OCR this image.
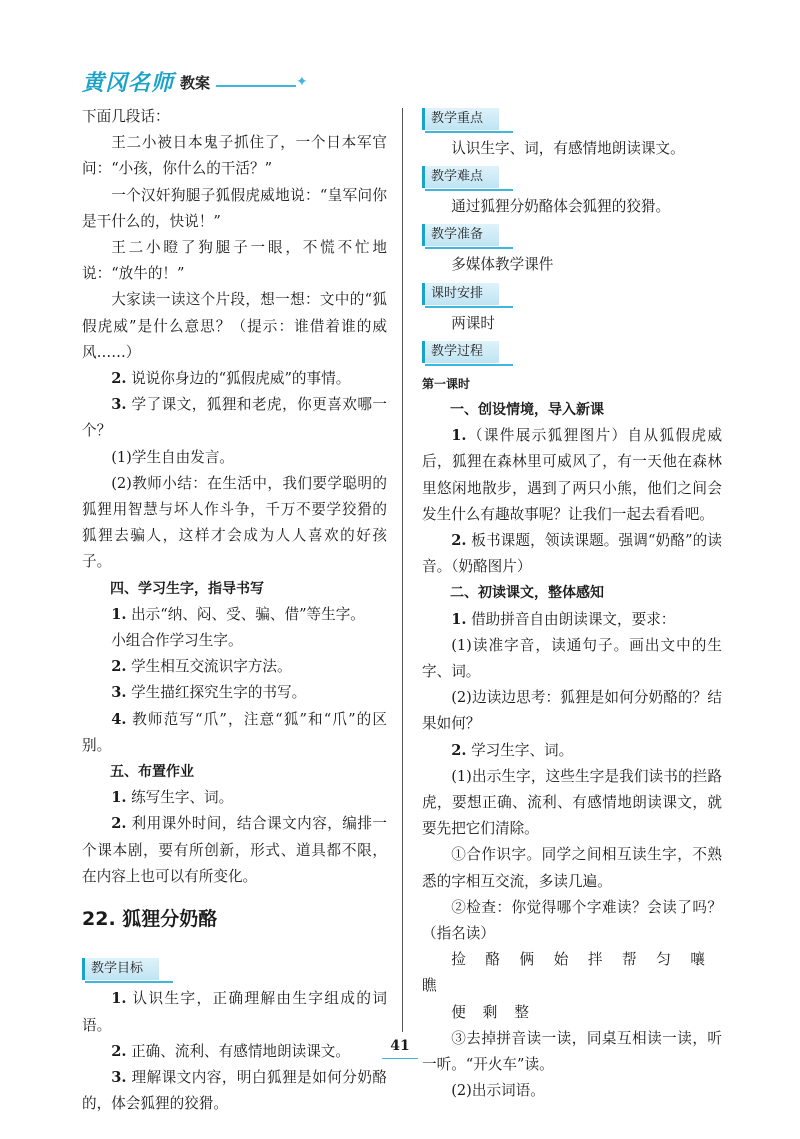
黄冈名师 教案	✦

下面几段话：

王二小被日本鬼子抓住了，一个日本军官问：“小孩，你什么的干活？”

一个汉奸狗腿子狐假虎威地说：“皇军问你是干什么的，快说！”

王二小瞪了狗腿子一眼，不慌不忙地说：“放牛的！”

大家读一读这个片段，想一想：文中的“狐假虎威”是什么意思？（提示：谁借着谁的威风……）

2. 说说你身边的“狐假虎威”的事情。

3. 学了课文，狐狸和老虎，你更喜欢哪一个？

(1)学生自由发言。

(2)教师小结：在生活中，我们要学聪明的狐狸用智慧与坏人作斗争，千万不要学狡猾的狐狸去骗人，这样才会成为人人喜欢的好孩子。

四、学习生字，指导书写

1. 出示“纳、闷、受、骗、借”等生字。

小组合作学习生字。

2. 学生相互交流识字方法。

3. 学生描红探究生字的书写。

4. 教师范写“爪”，注意“狐”和“爪”的区别。

五、布置作业

1. 练写生字、词。

2. 利用课外时间，结合课文内容，编排一个课本剧，要有所创新，形式、道具都不限，在内容上也可以有所变化。

22. 狐狸分奶酪

教学目标

1. 认识生字，正确理解由生字组成的词语。

2. 正确、流利、有感情地朗读课文。

3. 理解课文内容，明白狐狸是如何分奶酪的，体会狐狸的狡猾。

教学重点

认识生字、词，有感情地朗读课文。

教学难点

通过狐狸分奶酪体会狐狸的狡猾。

教学准备

多媒体教学课件

课时安排

两课时

教学过程

第一课时

一、创设情境，导入新课

1.（课件展示狐狸图片）自从狐假虎威后，狐狸在森林里可威风了，有一天他在森林里悠闲地散步，遇到了两只小熊，他们之间会发生什么有趣故事呢？让我们一起去看看吧。

2. 板书课题，领读课题。强调“奶酪”的读音。（奶酪图片）

二、初读课文，整体感知

1. 借助拼音自由朗读课文，要求：

(1)读准字音，读通句子。画出文中的生字、词。

(2)边读边思考：狐狸是如何分奶酪的？结果如何？

2. 学习生字、词。

(1)出示生字，这些生字是我们读书的拦路虎，要想正确、流利、有感情地朗读课文，就要先把它们清除。

①合作识字。同学之间相互读生字，不熟悉的字相互交流，多读几遍。

②检查：你觉得哪个字难读？会读了吗？（指名读）

捡酪俩始拌帮匀嚷瞧

便剩整

③去掉拼音读一读，同桌互相读一读，听一听。“开火车”读。

(2)出示词语。

41
